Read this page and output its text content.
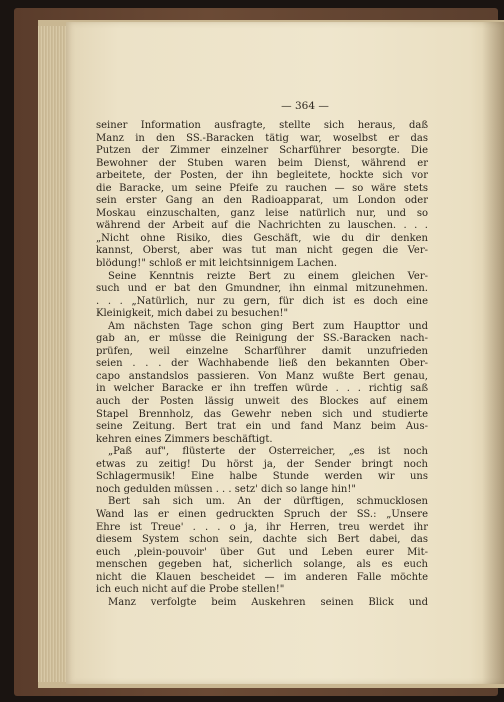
— 364 —
seiner Information ausfragte, stellte sich heraus, daß
Manz in den SS.-Baracken tätig war, woselbst er das
Putzen der Zimmer einzelner Scharführer besorgte. Die
Bewohner der Stuben waren beim Dienst, während er
arbeitete, der Posten, der ihn begleitete, hockte sich vor
die Baracke, um seine Pfeife zu rauchen — so wäre stets
sein erster Gang an den Radioapparat, um London oder
Moskau einzuschalten, ganz leise natürlich nur, und so
während der Arbeit auf die Nachrichten zu lauschen. . . .
„Nicht ohne Risiko, dies Geschäft, wie du dir denken
kannst, Oberst, aber was tut man nicht gegen die Ver-
blödung!" schloß er mit leichtsinnigem Lachen.
Seine Kenntnis reizte Bert zu einem gleichen Ver-
such und er bat den Gmundner, ihn einmal mitzunehmen.
. . . „Natürlich, nur zu gern, für dich ist es doch eine
Kleinigkeit, mich dabei zu besuchen!"
Am nächsten Tage schon ging Bert zum Haupttor und
gab an, er müsse die Reinigung der SS.-Baracken nach-
prüfen, weil einzelne Scharführer damit unzufrieden
seien . . . der Wachhabende ließ den bekannten Ober-
capo anstandslos passieren. Von Manz wußte Bert genau,
in welcher Baracke er ihn treffen würde . . . richtig saß
auch der Posten lässig unweit des Blockes auf einem
Stapel Brennholz, das Gewehr neben sich und studierte
seine Zeitung. Bert trat ein und fand Manz beim Aus-
kehren eines Zimmers beschäftigt.
„Paß auf", flüsterte der Österreicher, „es ist noch
etwas zu zeitig! Du hörst ja, der Sender bringt noch
Schlagermusik! Eine halbe Stunde werden wir uns
noch gedulden müssen . . . setz' dich so lange hin!"
Bert sah sich um. An der dürftigen, schmucklosen
Wand las er einen gedruckten Spruch der SS.: „Unsere
Ehre ist Treue' . . . o ja, ihr Herren, treu werdet ihr
diesem System schon sein, dachte sich Bert dabei, das
euch ‚plein-pouvoir' über Gut und Leben eurer Mit-
menschen gegeben hat, sicherlich solange, als es euch
nicht die Klauen bescheidet — im anderen Falle möchte
ich euch nicht auf die Probe stellen!"
Manz verfolgte beim Auskehren seinen Blick und
